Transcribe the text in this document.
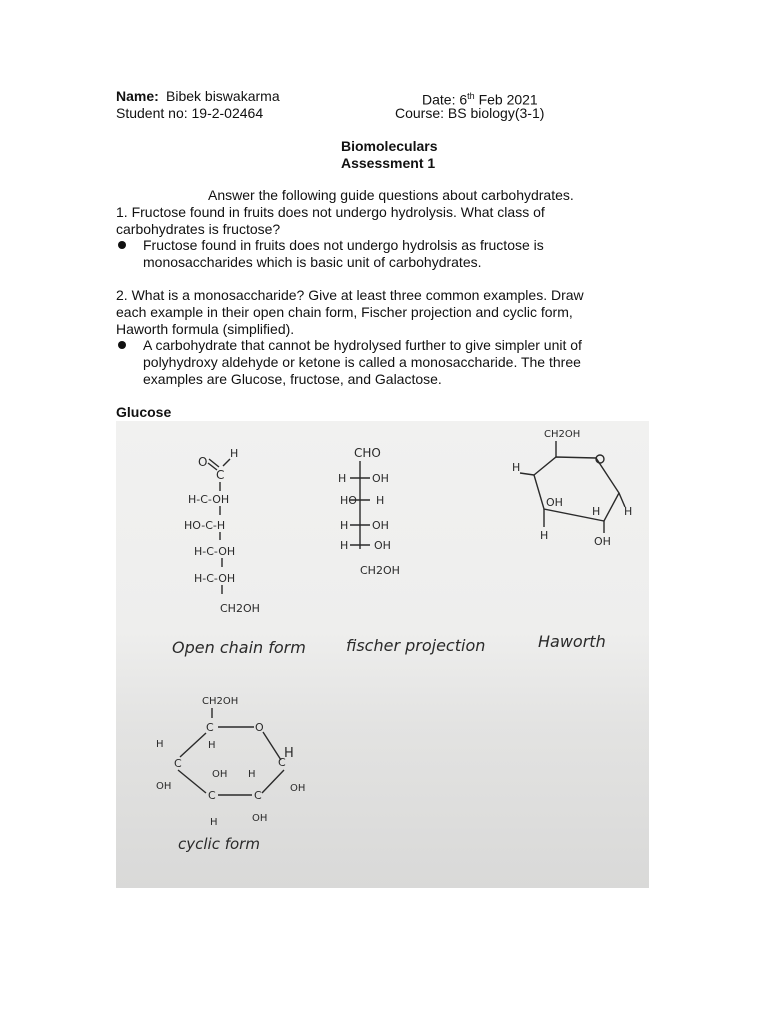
Name: Bibek biswakarma	Date: 6th Feb 2021
Student no: 19-2-02464	Course: BS biology(3-1)
Biomoleculars
Assessment 1
Answer the following guide questions about carbohydrates.
1. Fructose found in fruits does not undergo hydrolysis. What class of
carbohydrates is fructose?
Fructose found in fruits does not undergo hydrolsis as fructose is
monosaccharides which is basic unit of carbohydrates.
2. What is a monosaccharide? Give at least three common examples. Draw
each example in their open chain form, Fischer projection and cyclic form,
Haworth formula (simplified).
A carbohydrate that cannot be hydrolysed further to give simpler unit of
polyhydroxy aldehyde or ketone is called a monosaccharide. The three
examples are Glucose, fructose, and Galactose.
Glucose
O
H
C
H-C-OH
HO-C-H
H-C-OH
H-C-OH
CH2OH
Open chain form
CHO
H OH
HO H
H OH
H OH
CH2OH
fischer projection
CH2OH
H
OH
H H
H	OH
Haworth
CH2OH
C	O
C	C
H	H
H
OH	OH
C	C
OH H
H	OH
cyclic form
